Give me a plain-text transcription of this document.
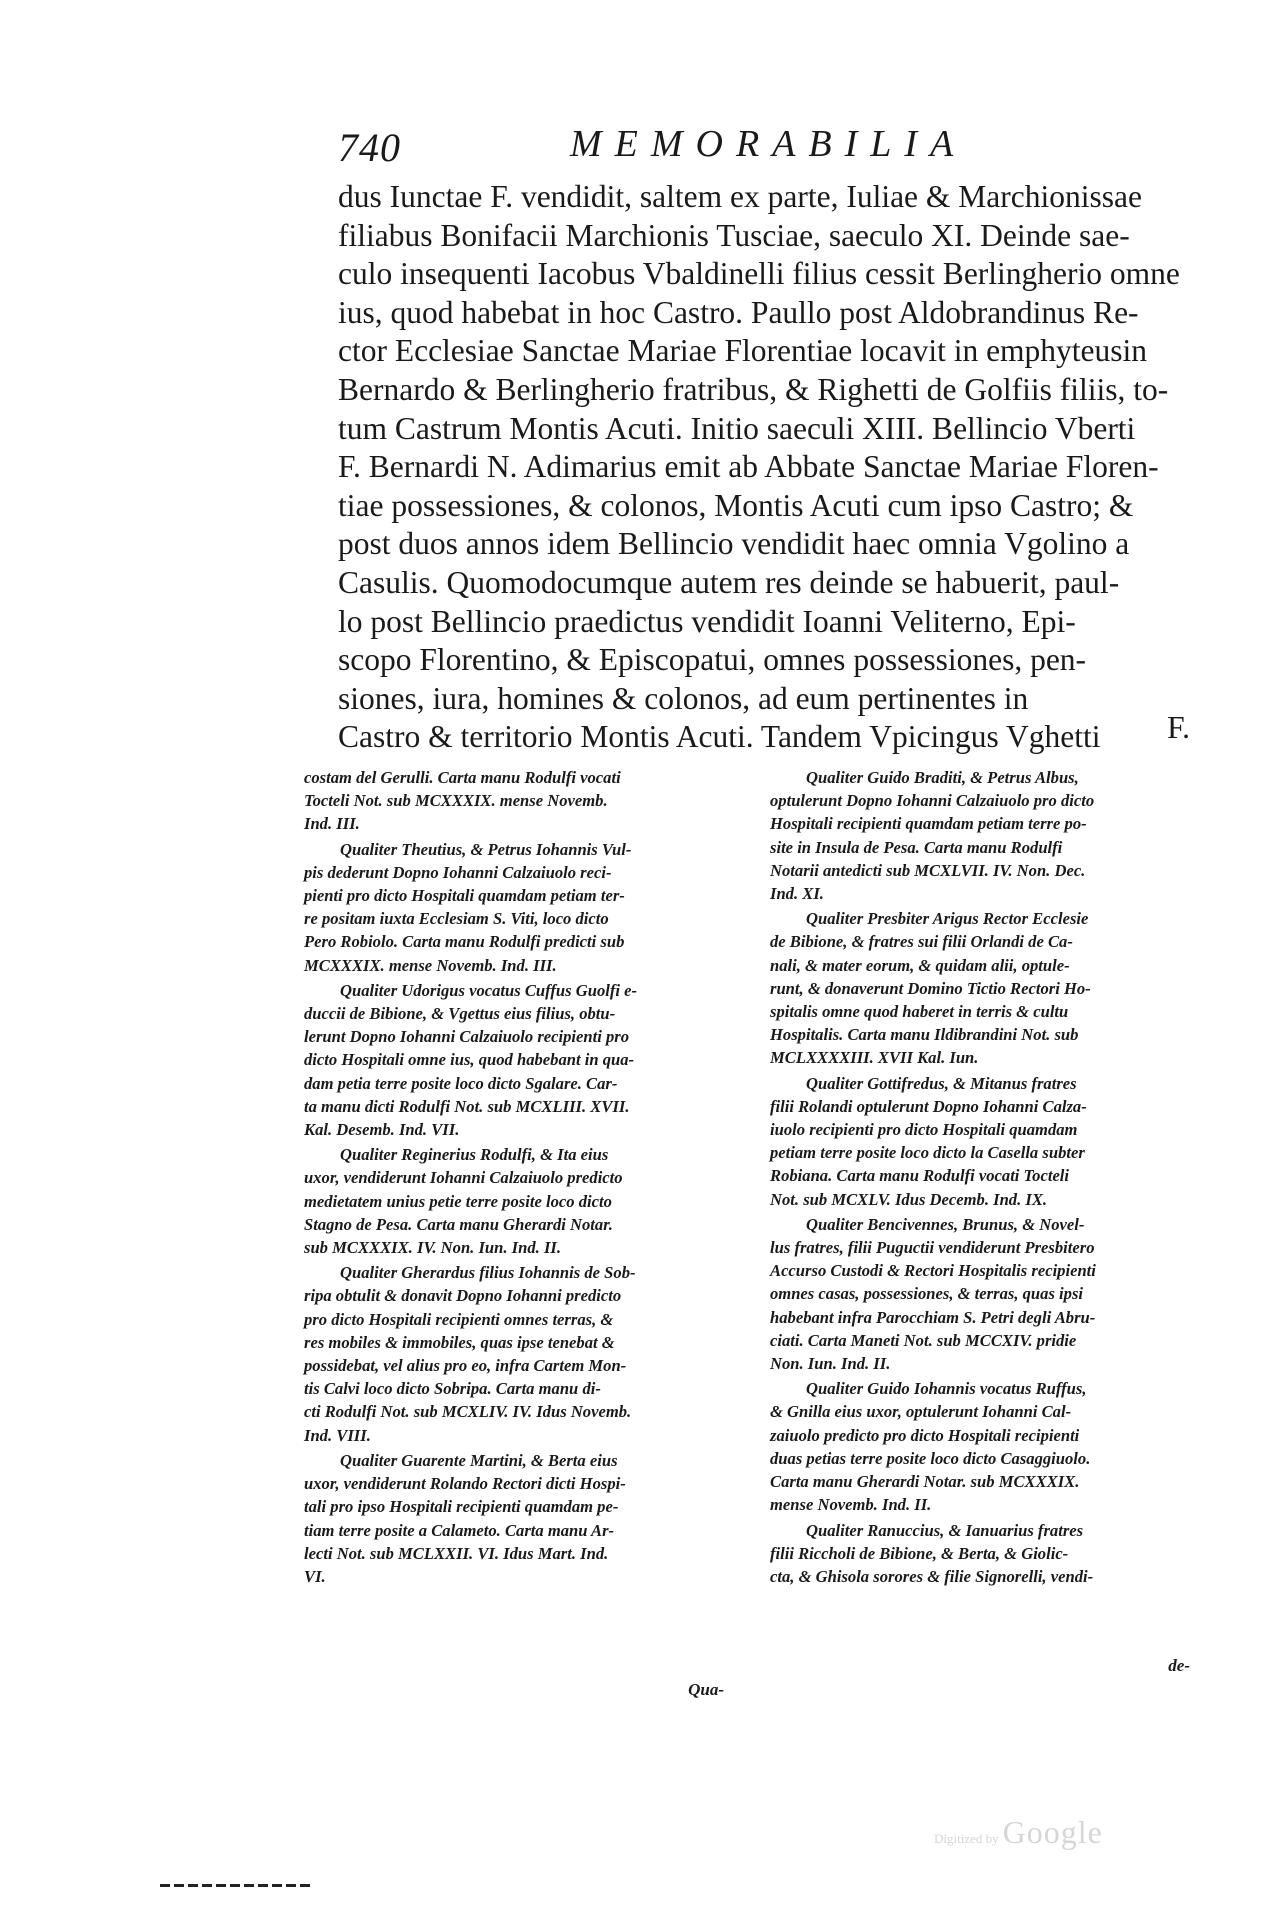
740	MEMORABILIA
dus Iunctae F. vendidit, saltem ex parte, Iuliae & Marchionissae
filiabus Bonifacii Marchionis Tusciae, saeculo XI. Deinde sae-
culo insequenti Iacobus Vbaldinelli filius cessit Berlingherio omne
ius, quod habebat in hoc Castro. Paullo post Aldobrandinus Re-
ctor Ecclesiae Sanctae Mariae Florentiae locavit in emphyteusin
Bernardo & Berlingherio fratribus, & Righetti de Golfiis filiis, to-
tum Castrum Montis Acuti. Initio saeculi XIII. Bellincio Vberti
F. Bernardi N. Adimarius emit ab Abbate Sanctae Mariae Floren-
tiae possessiones, & colonos, Montis Acuti cum ipso Castro; &
post duos annos idem Bellincio vendidit haec omnia Vgolino a
Casulis. Quomodocumque autem res deinde se habuerit, paul-
lo post Bellincio praedictus vendidit Ioanni Veliterno, Epi-
scopo Florentino, & Episcopatui, omnes possessiones, pen-
siones, iura, homines & colonos, ad eum pertinentes in
Castro & territorio Montis Acuti. Tandem Vpicingus Vghetti	F.
costam del Gerulli. Carta manu Rodulfi vocati
Tocteli Not. sub MCXXXIX. mense Novemb.
Ind. III.
Qualiter Theutius, & Petrus Iohannis Vul-
pis dederunt Dopno Iohanni Calzaiuolo reci-
pienti pro dicto Hospitali quamdam petiam ter-
re positam iuxta Ecclesiam S. Viti, loco dicto
Pero Robiolo. Carta manu Rodulfi predicti sub
MCXXXIX. mense Novemb. Ind. III.
Qualiter Udorigus vocatus Cuffus Guolfi e-
duccii de Bibione, & Vgettus eius filius, obtu-
lerunt Dopno Iohanni Calzaiuolo recipienti pro
dicto Hospitali omne ius, quod habebant in qua-
dam petia terre posite loco dicto Sgalare. Car-
ta manu dicti Rodulfi Not. sub MCXLIII. XVII.
Kal. Desemb. Ind. VII.
Qualiter Reginerius Rodulfi, & Ita eius
uxor, vendiderunt Iohanni Calzaiuolo predicto
medietatem unius petie terre posite loco dicto
Stagno de Pesa. Carta manu Gherardi Notar.
sub MCXXXIX. IV. Non. Iun. Ind. II.
Qualiter Gherardus filius Iohannis de Sob-
ripa obtulit & donavit Dopno Iohanni predicto
pro dicto Hospitali recipienti omnes terras, &
res mobiles & immobiles, quas ipse tenebat &
possidebat, vel alius pro eo, infra Cartem Mon-
tis Calvi loco dicto Sobripa. Carta manu di-
cti Rodulfi Not. sub MCXLIV. IV. Idus Novemb.
Ind. VIII.
Qualiter Guarente Martini, & Berta eius
uxor, vendiderunt Rolando Rectori dicti Hospi-
tali pro ipso Hospitali recipienti quamdam pe-
tiam terre posite a Calameto. Carta manu Ar-
lecti Not. sub MCLXXII. VI. Idus Mart. Ind.
VI.
Qua-
Qualiter Guido Braditi, & Petrus Albus,
optulerunt Dopno Iohanni Calzaiuolo pro dicto
Hospitali recipienti quamdam petiam terre po-
site in Insula de Pesa. Carta manu Rodulfi
Notarii antedicti sub MCXLVII. IV. Non. Dec.
Ind. XI.
Qualiter Presbiter Arigus Rector Ecclesie
de Bibione, & fratres sui filii Orlandi de Ca-
nali, & mater eorum, & quidam alii, optule-
runt, & donaverunt Domino Tictio Rectori Ho-
spitalis omne quod haberet in terris & cultu
Hospitalis. Carta manu Ildibrandini Not. sub
MCLXXXXIII. XVII Kal. Iun.
Qualiter Gottifredus, & Mitanus fratres
filii Rolandi optulerunt Dopno Iohanni Calza-
iuolo recipienti pro dicto Hospitali quamdam
petiam terre posite loco dicto la Casella subter
Robiana. Carta manu Rodulfi vocati Tocteli
Not. sub MCXLV. Idus Decemb. Ind. IX.
Qualiter Bencivennes, Brunus, & Novel-
lus fratres, filii Puguctii vendiderunt Presbitero
Accurso Custodi & Rectori Hospitalis recipienti
omnes casas, possessiones, & terras, quas ipsi
habebant infra Parocchiam S. Petri degli Abru-
ciati. Carta Maneti Not. sub MCCXIV. pridie
Non. Iun. Ind. II.
Qualiter Guido Iohannis vocatus Ruffus,
& Gnilla eius uxor, optulerunt Iohanni Cal-
zaiuolo predicto pro dicto Hospitali recipienti
duas petias terre posite loco dicto Casaggiuolo.
Carta manu Gherardi Notar. sub MCXXXIX.
mense Novemb. Ind. II.
Qualiter Ranuccius, & Ianuarius fratres
filii Riccholi de Bibione, & Berta, & Giolic-
cta, & Ghisola sorores & filie Signorelli, vendi-
de-
Digitized by Google
